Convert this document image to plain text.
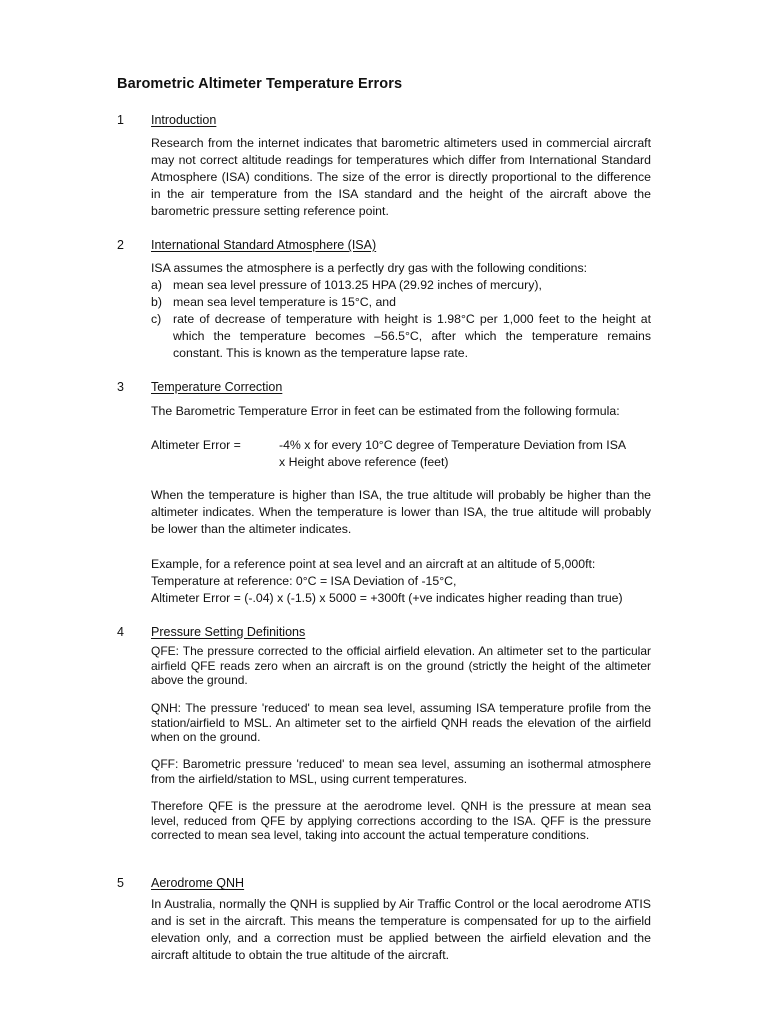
Barometric Altimeter Temperature Errors
1 Introduction
Research from the internet indicates that barometric altimeters used in commercial aircraft may not correct altitude readings for temperatures which differ from International Standard Atmosphere (ISA) conditions. The size of the error is directly proportional to the difference in the air temperature from the ISA standard and the height of the aircraft above the barometric pressure setting reference point.
2 International Standard Atmosphere (ISA)
ISA assumes the atmosphere is a perfectly dry gas with the following conditions:
a) mean sea level pressure of 1013.25 HPA (29.92 inches of mercury),
b) mean sea level temperature is 15°C, and
c) rate of decrease of temperature with height is 1.98°C per 1,000 feet to the height at which the temperature becomes –56.5°C, after which the temperature remains constant. This is known as the temperature lapse rate.
3 Temperature Correction
The Barometric Temperature Error in feet can be estimated from the following formula:
Altimeter Error =	-4% x for every 10°C degree of Temperature Deviation from ISA
x Height above reference (feet)
When the temperature is higher than ISA, the true altitude will probably be higher than the altimeter indicates. When the temperature is lower than ISA, the true altitude will probably be lower than the altimeter indicates.
Example, for a reference point at sea level and an aircraft at an altitude of 5,000ft:
Temperature at reference: 0°C = ISA Deviation of -15°C,
Altimeter Error = (-.04) x (-1.5) x 5000 = +300ft (+ve indicates higher reading than true)
4 Pressure Setting Definitions
QFE: The pressure corrected to the official airfield elevation. An altimeter set to the particular airfield QFE reads zero when an aircraft is on the ground (strictly the height of the altimeter above the ground.
QNH: The pressure 'reduced' to mean sea level, assuming ISA temperature profile from the station/airfield to MSL. An altimeter set to the airfield QNH reads the elevation of the airfield when on the ground.
QFF: Barometric pressure 'reduced' to mean sea level, assuming an isothermal atmosphere from the airfield/station to MSL, using current temperatures.
Therefore QFE is the pressure at the aerodrome level. QNH is the pressure at mean sea level, reduced from QFE by applying corrections according to the ISA. QFF is the pressure corrected to mean sea level, taking into account the actual temperature conditions.
5 Aerodrome QNH
In Australia, normally the QNH is supplied by Air Traffic Control or the local aerodrome ATIS and is set in the aircraft. This means the temperature is compensated for up to the airfield elevation only, and a correction must be applied between the airfield elevation and the aircraft altitude to obtain the true altitude of the aircraft.
